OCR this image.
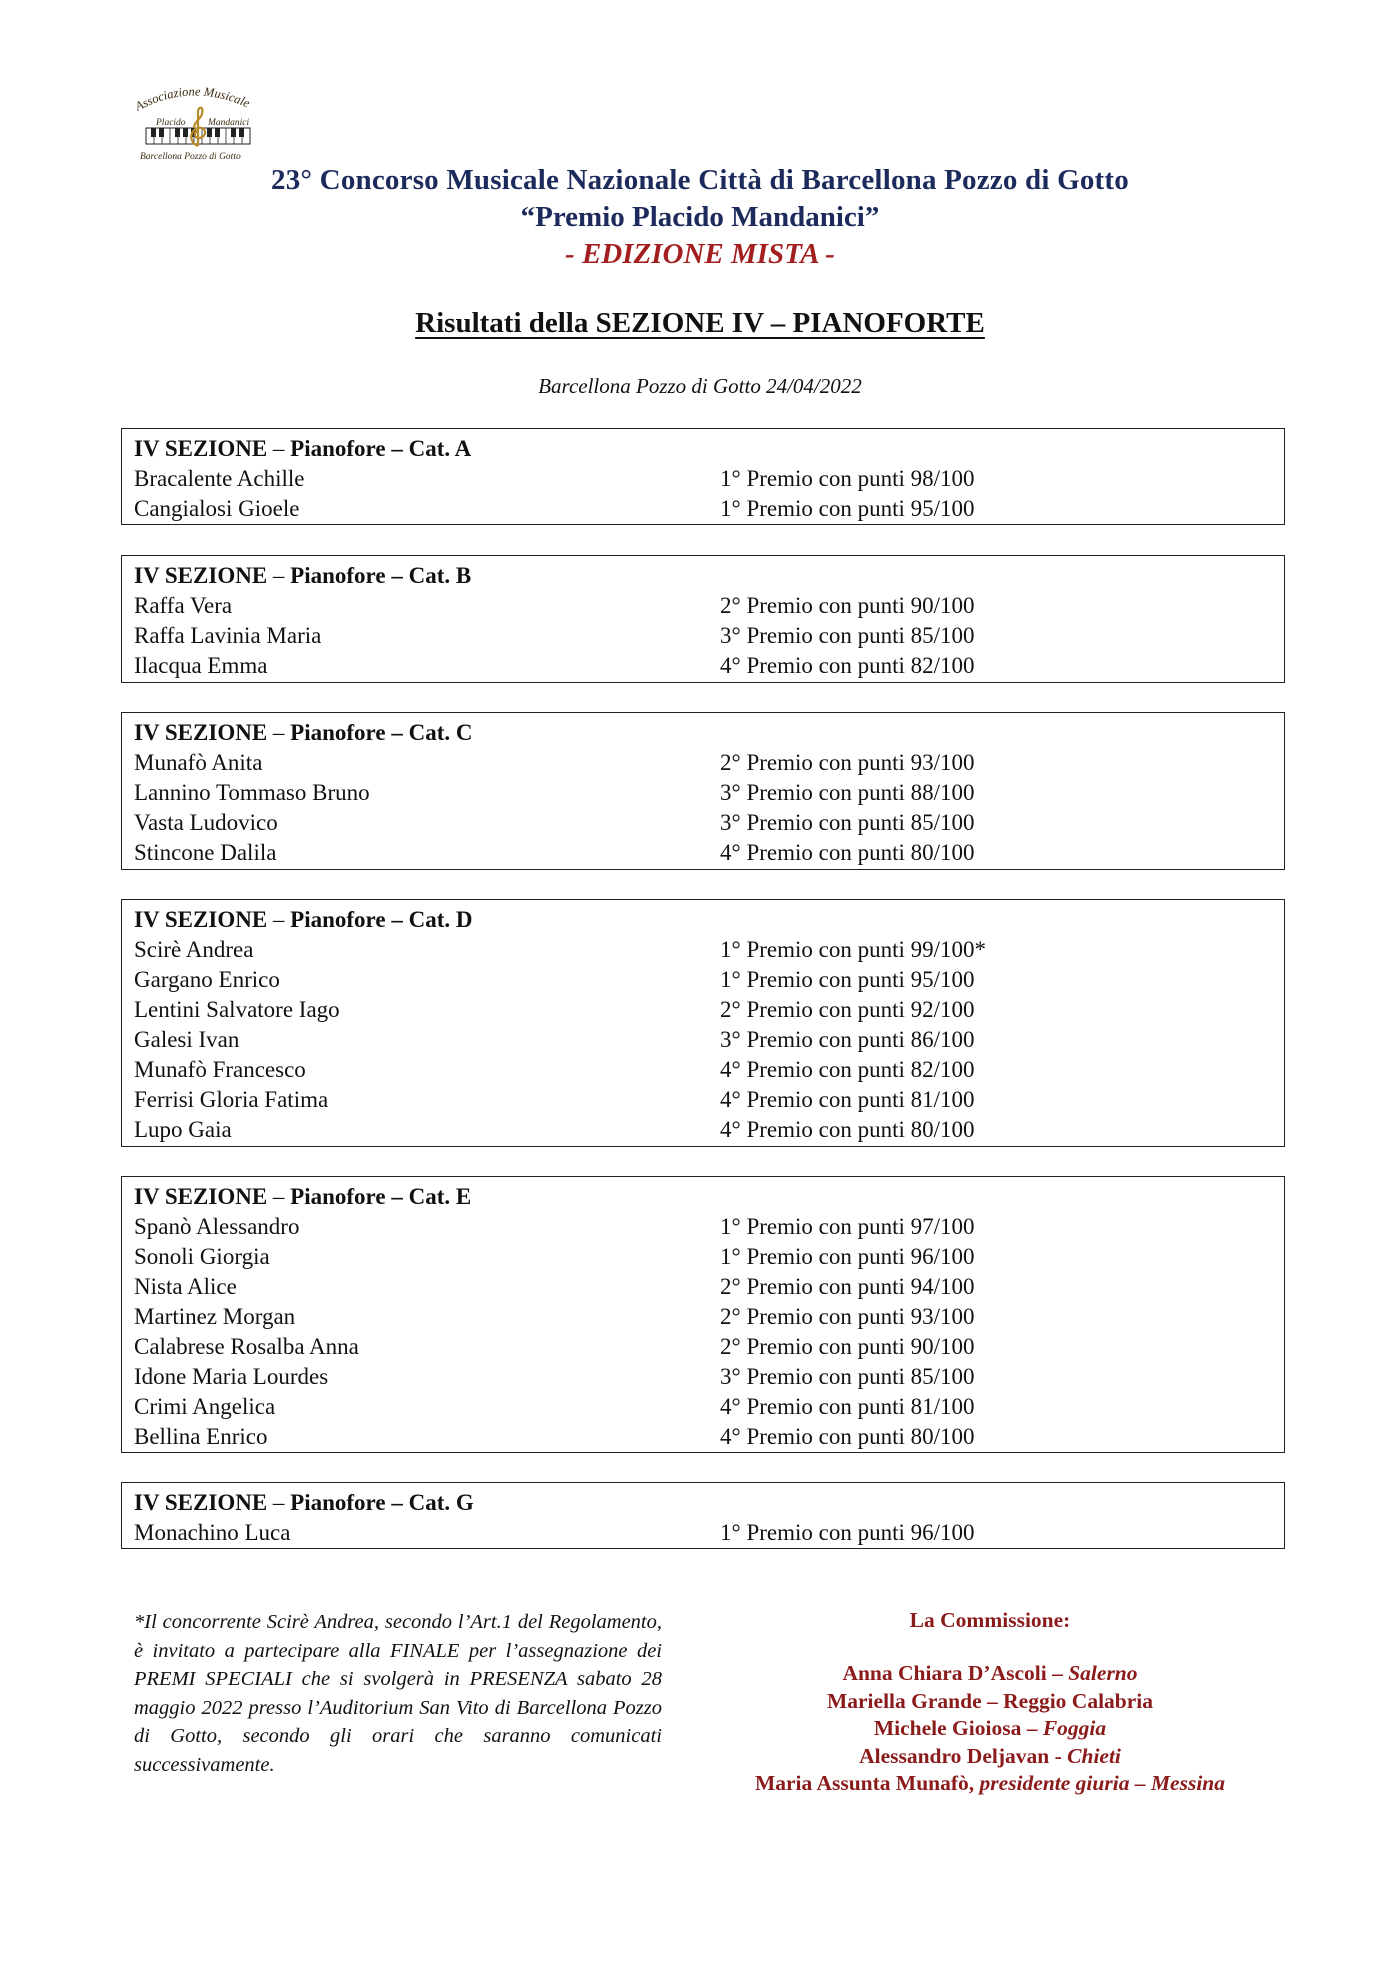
Associazione Musicale
Placido Mandanici
Barcellona Pozzo di Gotto
23° Concorso Musicale Nazionale Città di Barcellona Pozzo di Gotto
“Premio Placido Mandanici”
- EDIZIONE MISTA -
Risultati della SEZIONE IV – PIANOFORTE
Barcellona Pozzo di Gotto 24/04/2022
IV SEZIONE – Pianofore – Cat. A
Bracalente Achille	1° Premio con punti 98/100
Cangialosi Gioele	1° Premio con punti 95/100
IV SEZIONE – Pianofore – Cat. B
Raffa Vera	2° Premio con punti 90/100
Raffa Lavinia Maria	3° Premio con punti 85/100
Ilacqua Emma	4° Premio con punti 82/100
IV SEZIONE – Pianofore – Cat. C
Munafò Anita	2° Premio con punti 93/100
Lannino Tommaso Bruno	3° Premio con punti 88/100
Vasta Ludovico	3° Premio con punti 85/100
Stincone Dalila	4° Premio con punti 80/100
IV SEZIONE – Pianofore – Cat. D
Scirè Andrea	1° Premio con punti 99/100*
Gargano Enrico	1° Premio con punti 95/100
Lentini Salvatore Iago	2° Premio con punti 92/100
Galesi Ivan	3° Premio con punti 86/100
Munafò Francesco	4° Premio con punti 82/100
Ferrisi Gloria Fatima	4° Premio con punti 81/100
Lupo Gaia	4° Premio con punti 80/100
IV SEZIONE – Pianofore – Cat. E
Spanò Alessandro	1° Premio con punti 97/100
Sonoli Giorgia	1° Premio con punti 96/100
Nista Alice	2° Premio con punti 94/100
Martinez Morgan	2° Premio con punti 93/100
Calabrese Rosalba Anna	2° Premio con punti 90/100
Idone Maria Lourdes	3° Premio con punti 85/100
Crimi Angelica	4° Premio con punti 81/100
Bellina Enrico	4° Premio con punti 80/100
IV SEZIONE – Pianofore – Cat. G
Monachino Luca	1° Premio con punti 96/100
*Il concorrente Scirè Andrea, secondo l’Art.1 del Regolamento, è invitato a partecipare alla FINALE per l’assegnazione dei PREMI SPECIALI che si svolgerà in PRESENZA sabato 28 maggio 2022 presso l’Auditorium San Vito di Barcellona Pozzo di Gotto, secondo gli orari che saranno comunicati successivamente.
La Commissione:
Anna Chiara D’Ascoli – Salerno
Mariella Grande – Reggio Calabria
Michele Gioiosa – Foggia
Alessandro Deljavan - Chieti
Maria Assunta Munafò, presidente giuria – Messina
